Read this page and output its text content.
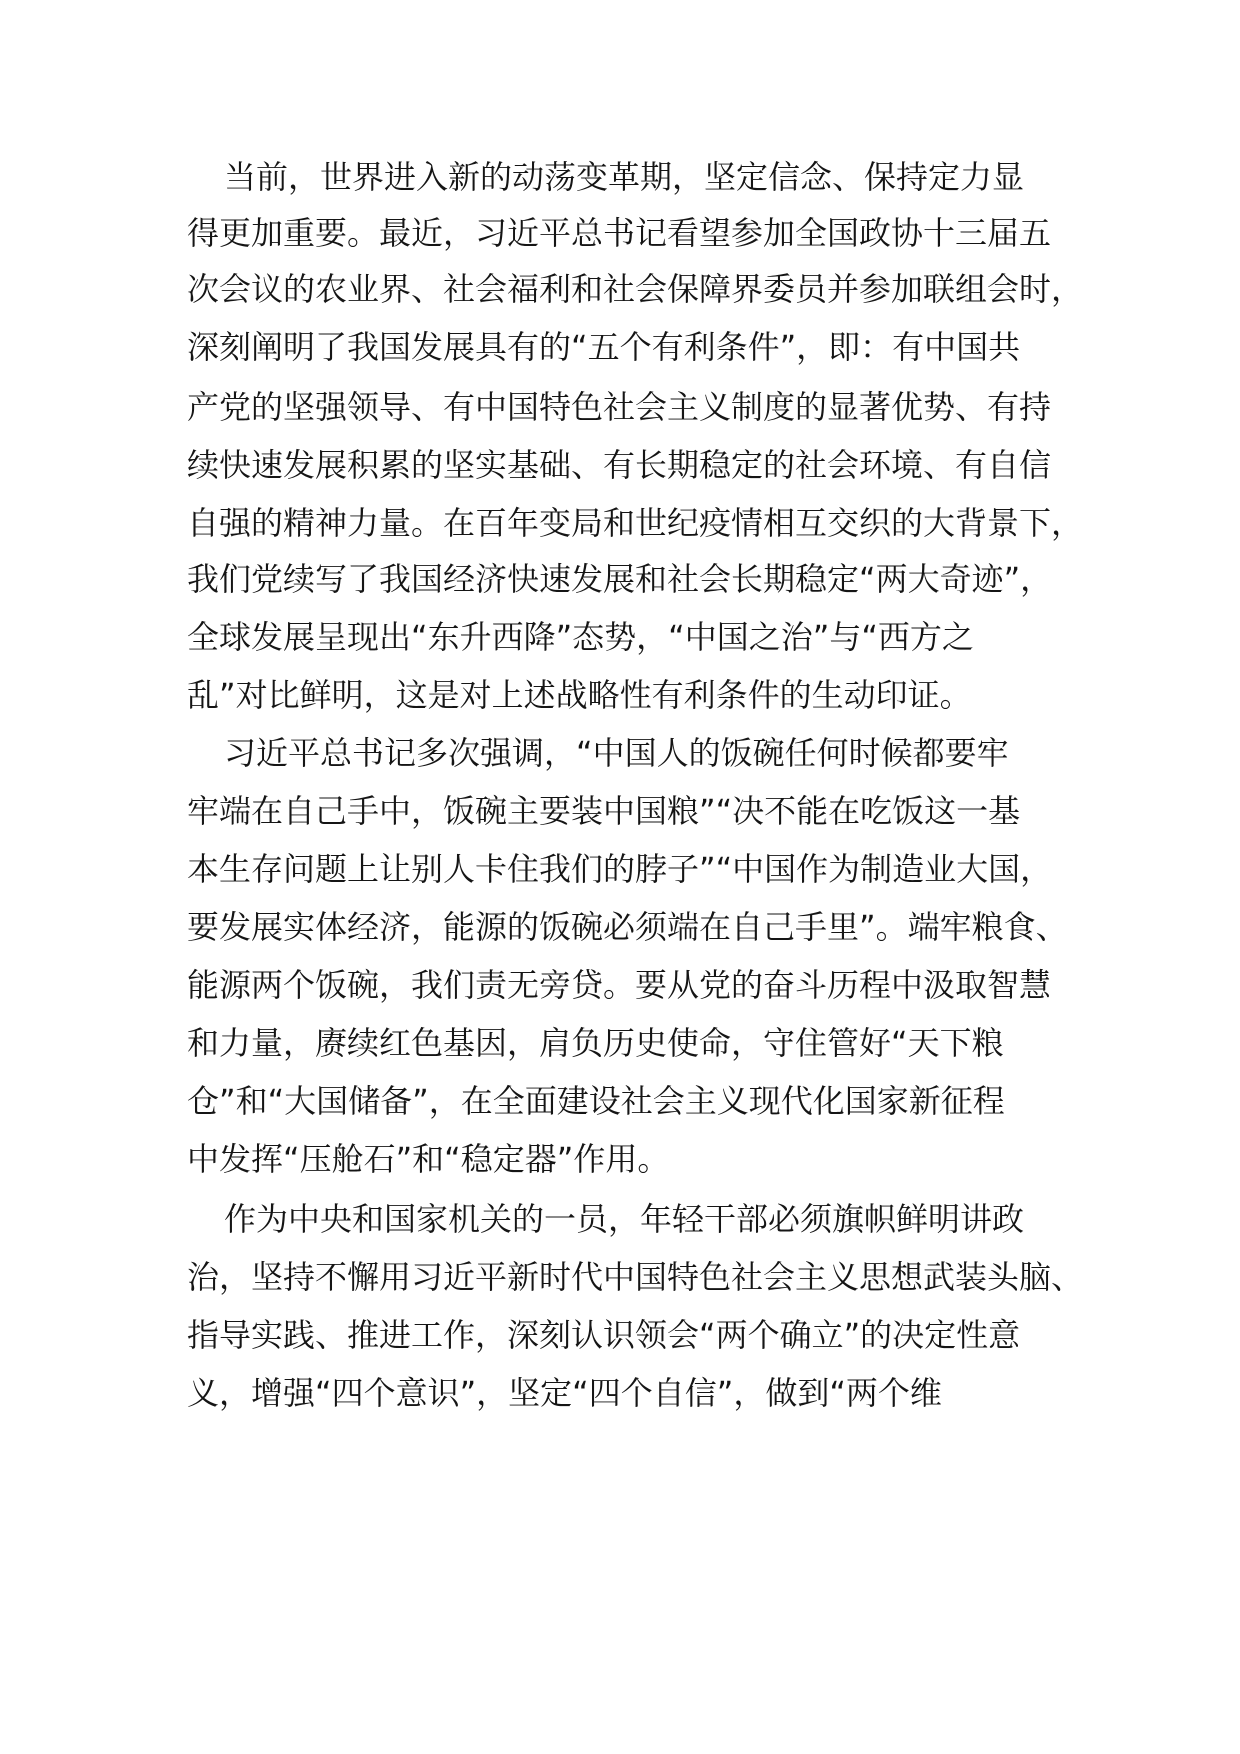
当前，世界进入新的动荡变革期，坚定信念、保持定力显

得更加重要。最近，习近平总书记看望参加全国政协十三届五

次会议的农业界、社会福利和社会保障界委员并参加联组会时，

深刻阐明了我国发展具有的“五个有利条件”，即：有中国共

产党的坚强领导、有中国特色社会主义制度的显著优势、有持

续快速发展积累的坚实基础、有长期稳定的社会环境、有自信

自强的精神力量。在百年变局和世纪疫情相互交织的大背景下，

我们党续写了我国经济快速发展和社会长期稳定“两大奇迹”，

全球发展呈现出“东升西降”态势，“中国之治”与“西方之

乱”对比鲜明，这是对上述战略性有利条件的生动印证。

习近平总书记多次强调，“中国人的饭碗任何时候都要牢

牢端在自己手中，饭碗主要装中国粮”“决不能在吃饭这一基

本生存问题上让别人卡住我们的脖子”“中国作为制造业大国，

要发展实体经济，能源的饭碗必须端在自己手里”。端牢粮食、

能源两个饭碗，我们责无旁贷。要从党的奋斗历程中汲取智慧

和力量，赓续红色基因，肩负历史使命，守住管好“天下粮

仓”和“大国储备”，在全面建设社会主义现代化国家新征程

中发挥“压舱石”和“稳定器”作用。

作为中央和国家机关的一员，年轻干部必须旗帜鲜明讲政

治，坚持不懈用习近平新时代中国特色社会主义思想武装头脑、

指导实践、推进工作，深刻认识领会“两个确立”的决定性意

义，增强“四个意识”，坚定“四个自信”，做到“两个维
